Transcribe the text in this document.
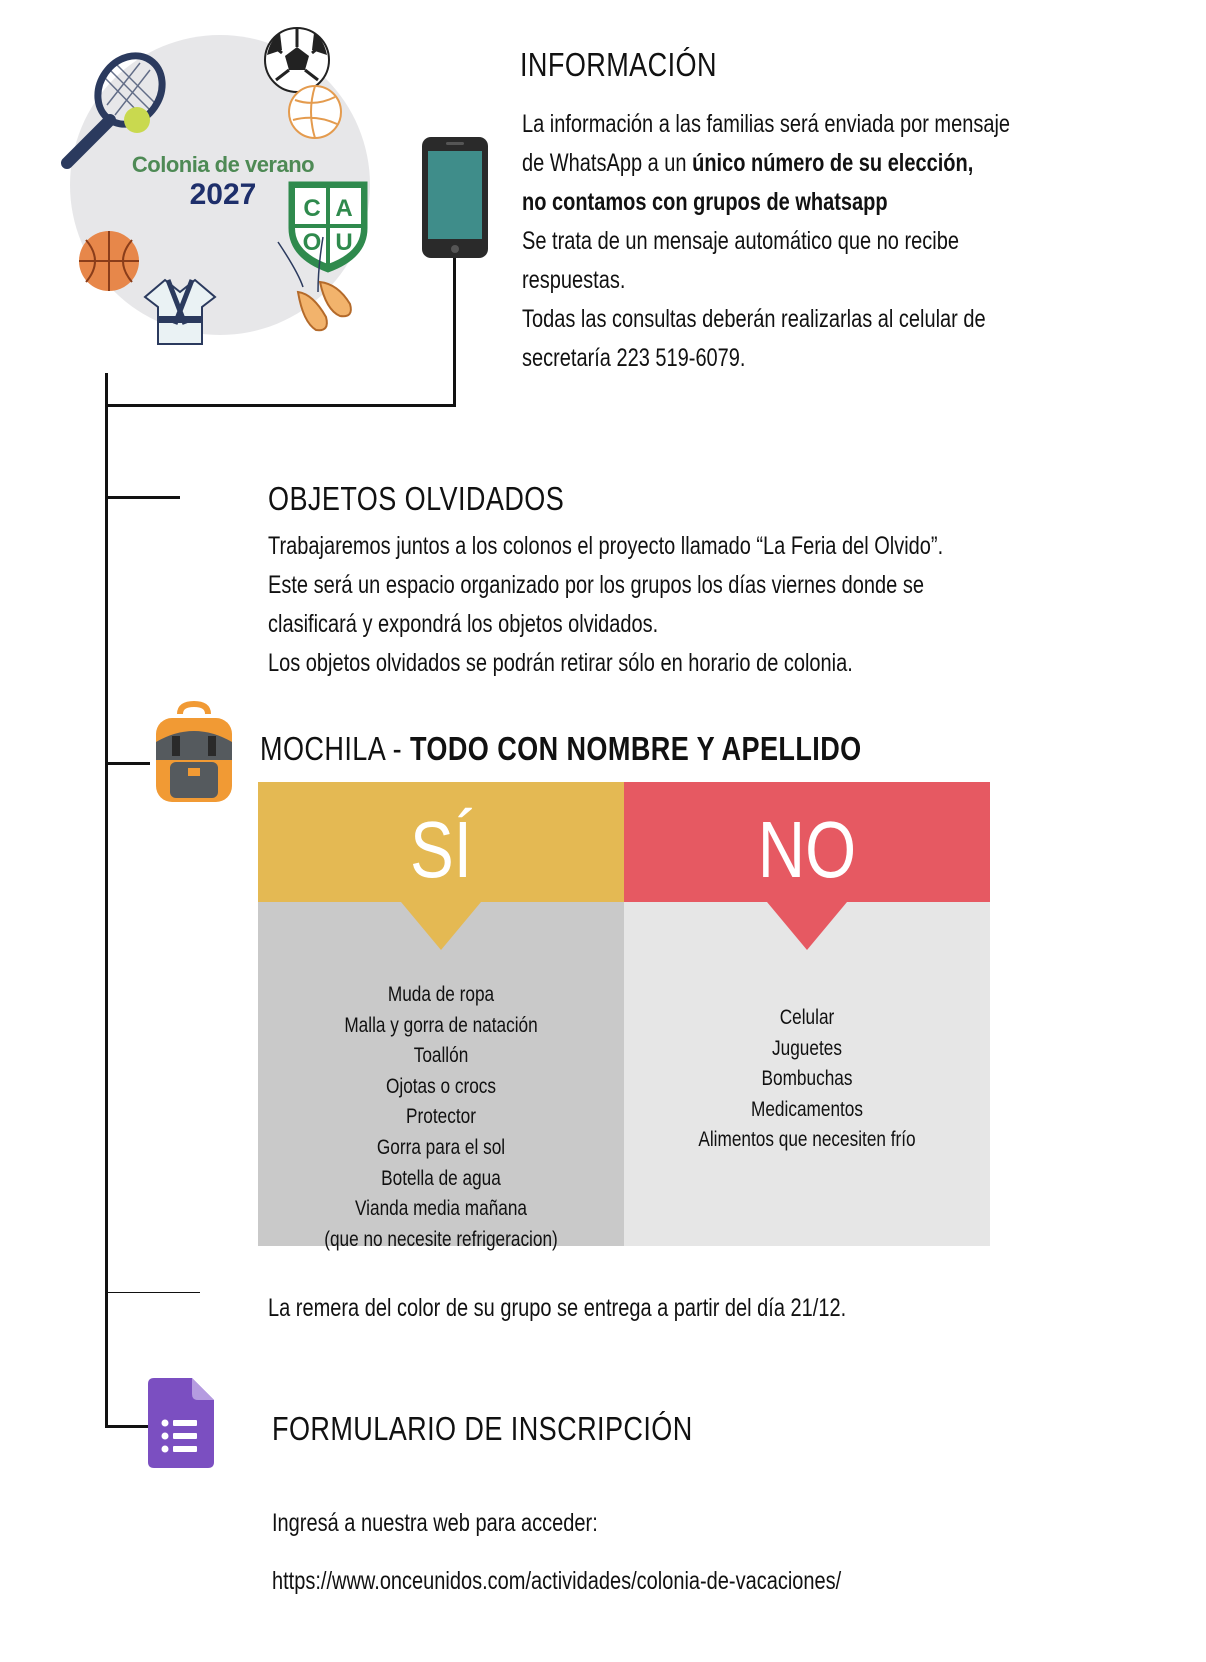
C A
O U
Colonia de verano
2027
INFORMACIÓN
La información a las familias será enviada por mensaje
de WhatsApp a un único número de su elección,
no contamos con grupos de whatsapp
Se trata de un mensaje automático que no recibe
respuestas.
Todas las consultas deberán realizarlas al celular de
secretaría 223 519-6079.
OBJETOS OLVIDADOS
Trabajaremos juntos a los colonos el proyecto llamado “La Feria del Olvido”.
Este será un espacio organizado por los grupos los días viernes donde se
clasificará y expondrá los objetos olvidados.
Los objetos olvidados se podrán retirar sólo en horario de colonia.
MOCHILA - TODO CON NOMBRE Y APELLIDO
SÍ	NO
Muda de ropa
Malla y gorra de natación
Toallón
Ojotas o crocs
Protector
Gorra para el sol
Botella de agua
Vianda media mañana
(que no necesite refrigeracion)
Celular
Juguetes
Bombuchas
Medicamentos
Alimentos que necesiten frío
La remera del color de su grupo se entrega a partir del día 21/12.
FORMULARIO DE INSCRIPCIÓN
Ingresá a nuestra web para acceder:
https://www.onceunidos.com/actividades/colonia-de-vacaciones/
